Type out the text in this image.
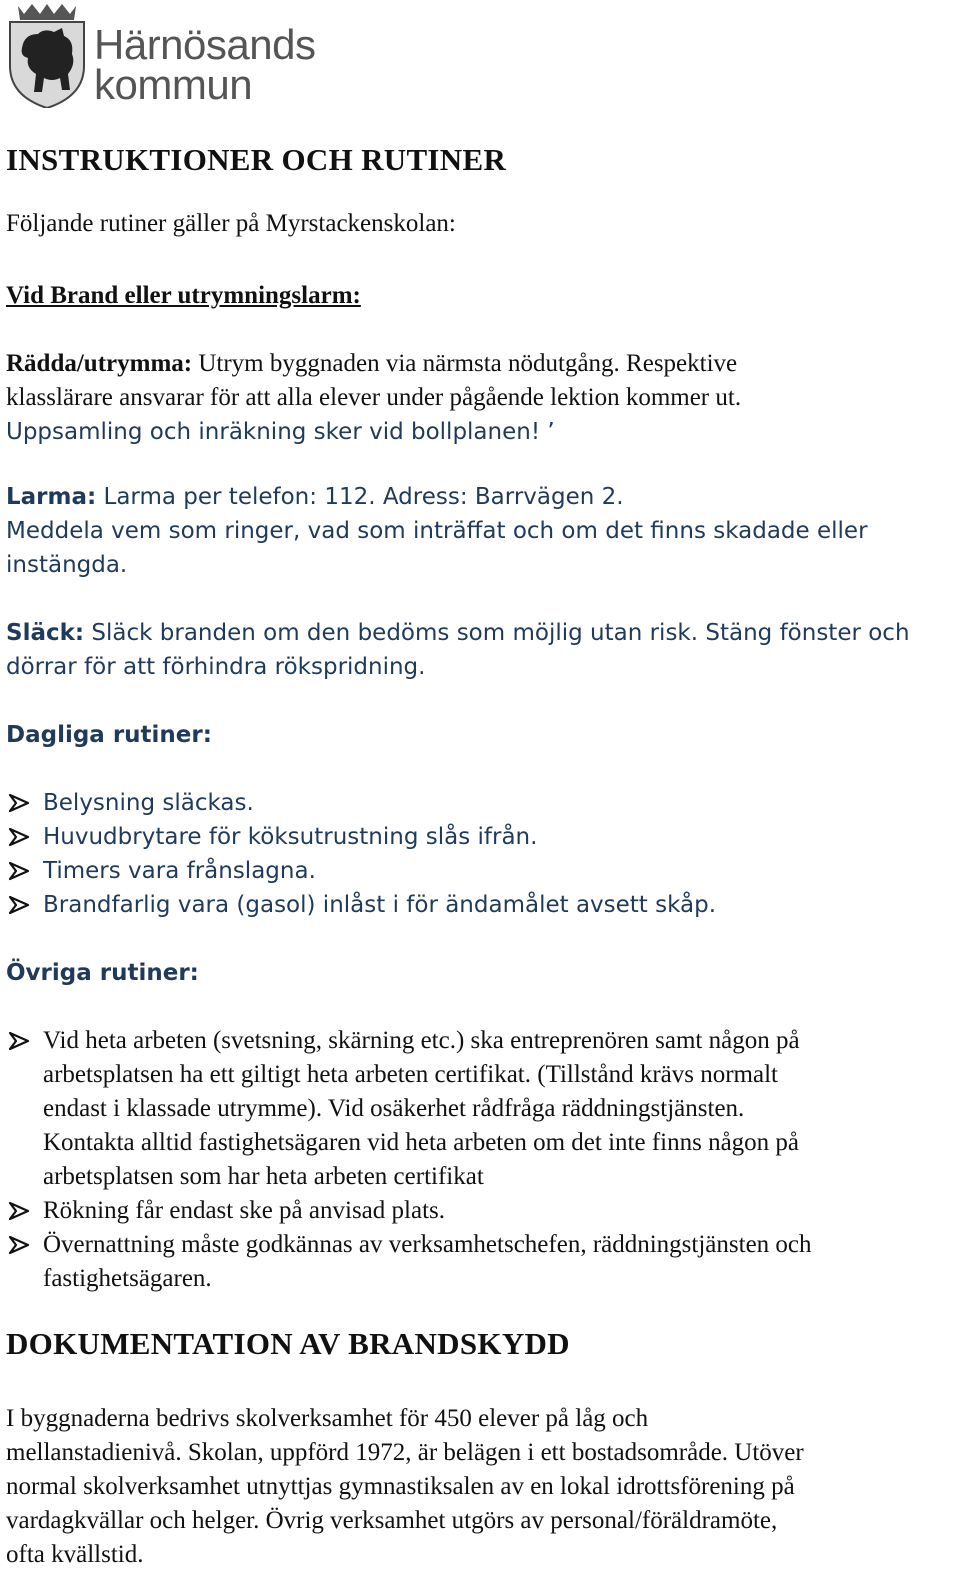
Härnösands
kommun
INSTRUKTIONER OCH RUTINER
Följande rutiner gäller på Myrstackenskolan:
Vid Brand eller utrymningslarm:
Rädda/utrymma: Utrym byggnaden via närmsta nödutgång. Respektive
klasslärare ansvarar för att alla elever under pågående lektion kommer ut.
Uppsamling och inräkning sker vid bollplanen! ’
Larma: Larma per telefon: 112. Adress: Barrvägen 2.
Meddela vem som ringer, vad som inträffat och om det finns skadade eller
instängda.
Släck: Släck branden om den bedöms som möjlig utan risk. Stäng fönster och
dörrar för att förhindra rökspridning.
Dagliga rutiner:
Belysning släckas.
Huvudbrytare för köksutrustning slås ifrån.
Timers vara frånslagna.
Brandfarlig vara (gasol) inlåst i för ändamålet avsett skåp.
Övriga rutiner:
Vid heta arbeten (svetsning, skärning etc.) ska entreprenören samt någon på
arbetsplatsen ha ett giltigt heta arbeten certifikat. (Tillstånd krävs normalt
endast i klassade utrymme). Vid osäkerhet rådfråga räddningstjänsten.
Kontakta alltid fastighetsägaren vid heta arbeten om det inte finns någon på
arbetsplatsen som har heta arbeten certifikat
Rökning får endast ske på anvisad plats.
Övernattning måste godkännas av verksamhetschefen, räddningstjänsten och
fastighetsägaren.
DOKUMENTATION AV BRANDSKYDD
I byggnaderna bedrivs skolverksamhet för 450 elever på låg och
mellanstadienivå. Skolan, uppförd 1972, är belägen i ett bostadsområde. Utöver
normal skolverksamhet utnyttjas gymnastiksalen av en lokal idrottsförening på
vardagkvällar och helger. Övrig verksamhet utgörs av personal/föräldramöte,
ofta kvällstid.
